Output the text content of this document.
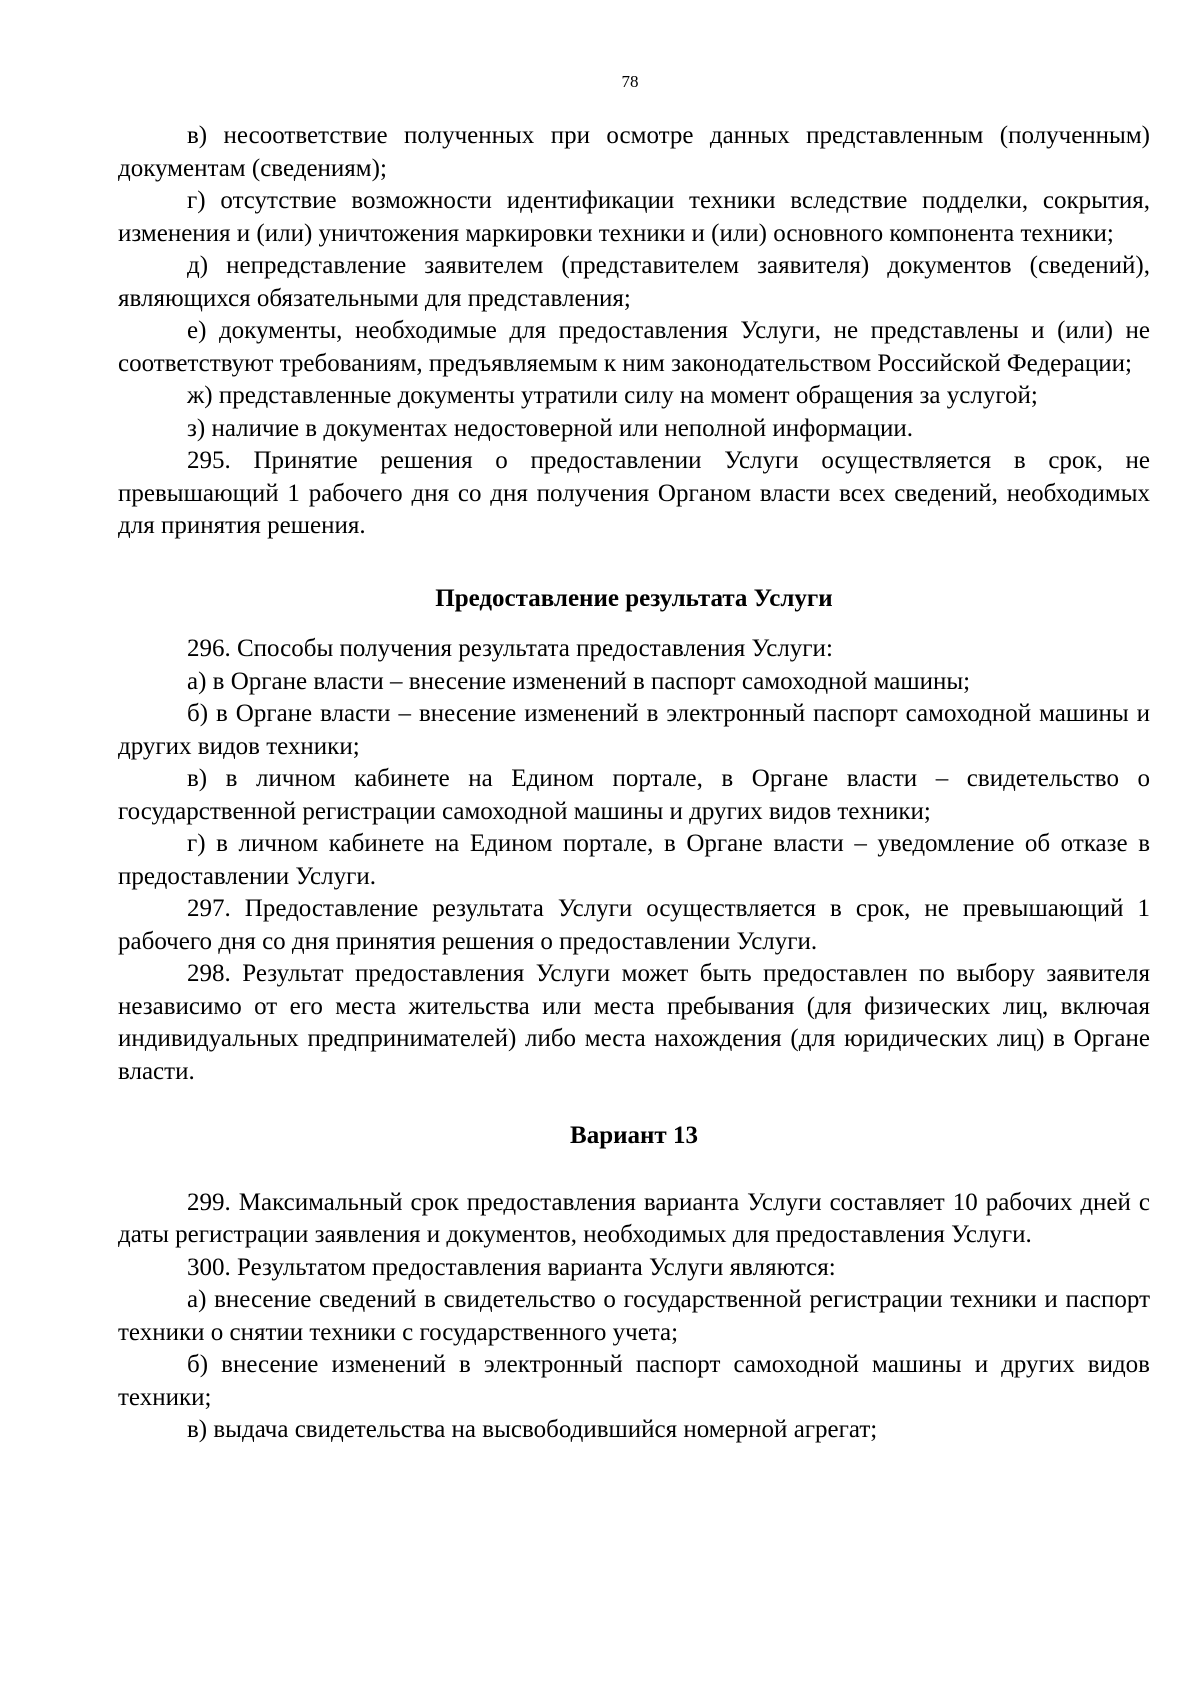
78

в) несоответствие полученных при осмотре данных представленным (полученным) документам (сведениям);

г) отсутствие возможности идентификации техники вследствие подделки, сокрытия, изменения и (или) уничтожения маркировки техники и (или) основного компонента техники;

д) непредставление заявителем (представителем заявителя) документов (сведений), являющихся обязательными для представления;

е) документы, необходимые для предоставления Услуги, не представлены и (или) не соответствуют требованиям, предъявляемым к ним законодательством Российской Федерации;

ж) представленные документы утратили силу на момент обращения за услугой;

з) наличие в документах недостоверной или неполной информации.

295. Принятие решения о предоставлении Услуги осуществляется в срок, не превышающий 1 рабочего дня со дня получения Органом власти всех сведений, необходимых для принятия решения.

Предоставление результата Услуги

296. Способы получения результата предоставления Услуги:

а) в Органе власти – внесение изменений в паспорт самоходной машины;

б) в Органе власти – внесение изменений в электронный паспорт самоходной машины и других видов техники;

в) в личном кабинете на Едином портале, в Органе власти – свидетельство о государственной регистрации самоходной машины и других видов техники;

г) в личном кабинете на Едином портале, в Органе власти – уведомление об отказе в предоставлении Услуги.

297. Предоставление результата Услуги осуществляется в срок, не превышающий 1 рабочего дня со дня принятия решения о предоставлении Услуги.

298. Результат предоставления Услуги может быть предоставлен по выбору заявителя независимо от его места жительства или места пребывания (для физических лиц, включая индивидуальных предпринимателей) либо места нахождения (для юридических лиц) в Органе власти.

Вариант 13

299. Максимальный срок предоставления варианта Услуги составляет 10 рабочих дней с даты регистрации заявления и документов, необходимых для предоставления Услуги.

300. Результатом предоставления варианта Услуги являются:

а) внесение сведений в свидетельство о государственной регистрации техники и паспорт техники о снятии техники с государственного учета;

б) внесение изменений в электронный паспорт самоходной машины и других видов техники;

в) выдача свидетельства на высвободившийся номерной агрегат;
